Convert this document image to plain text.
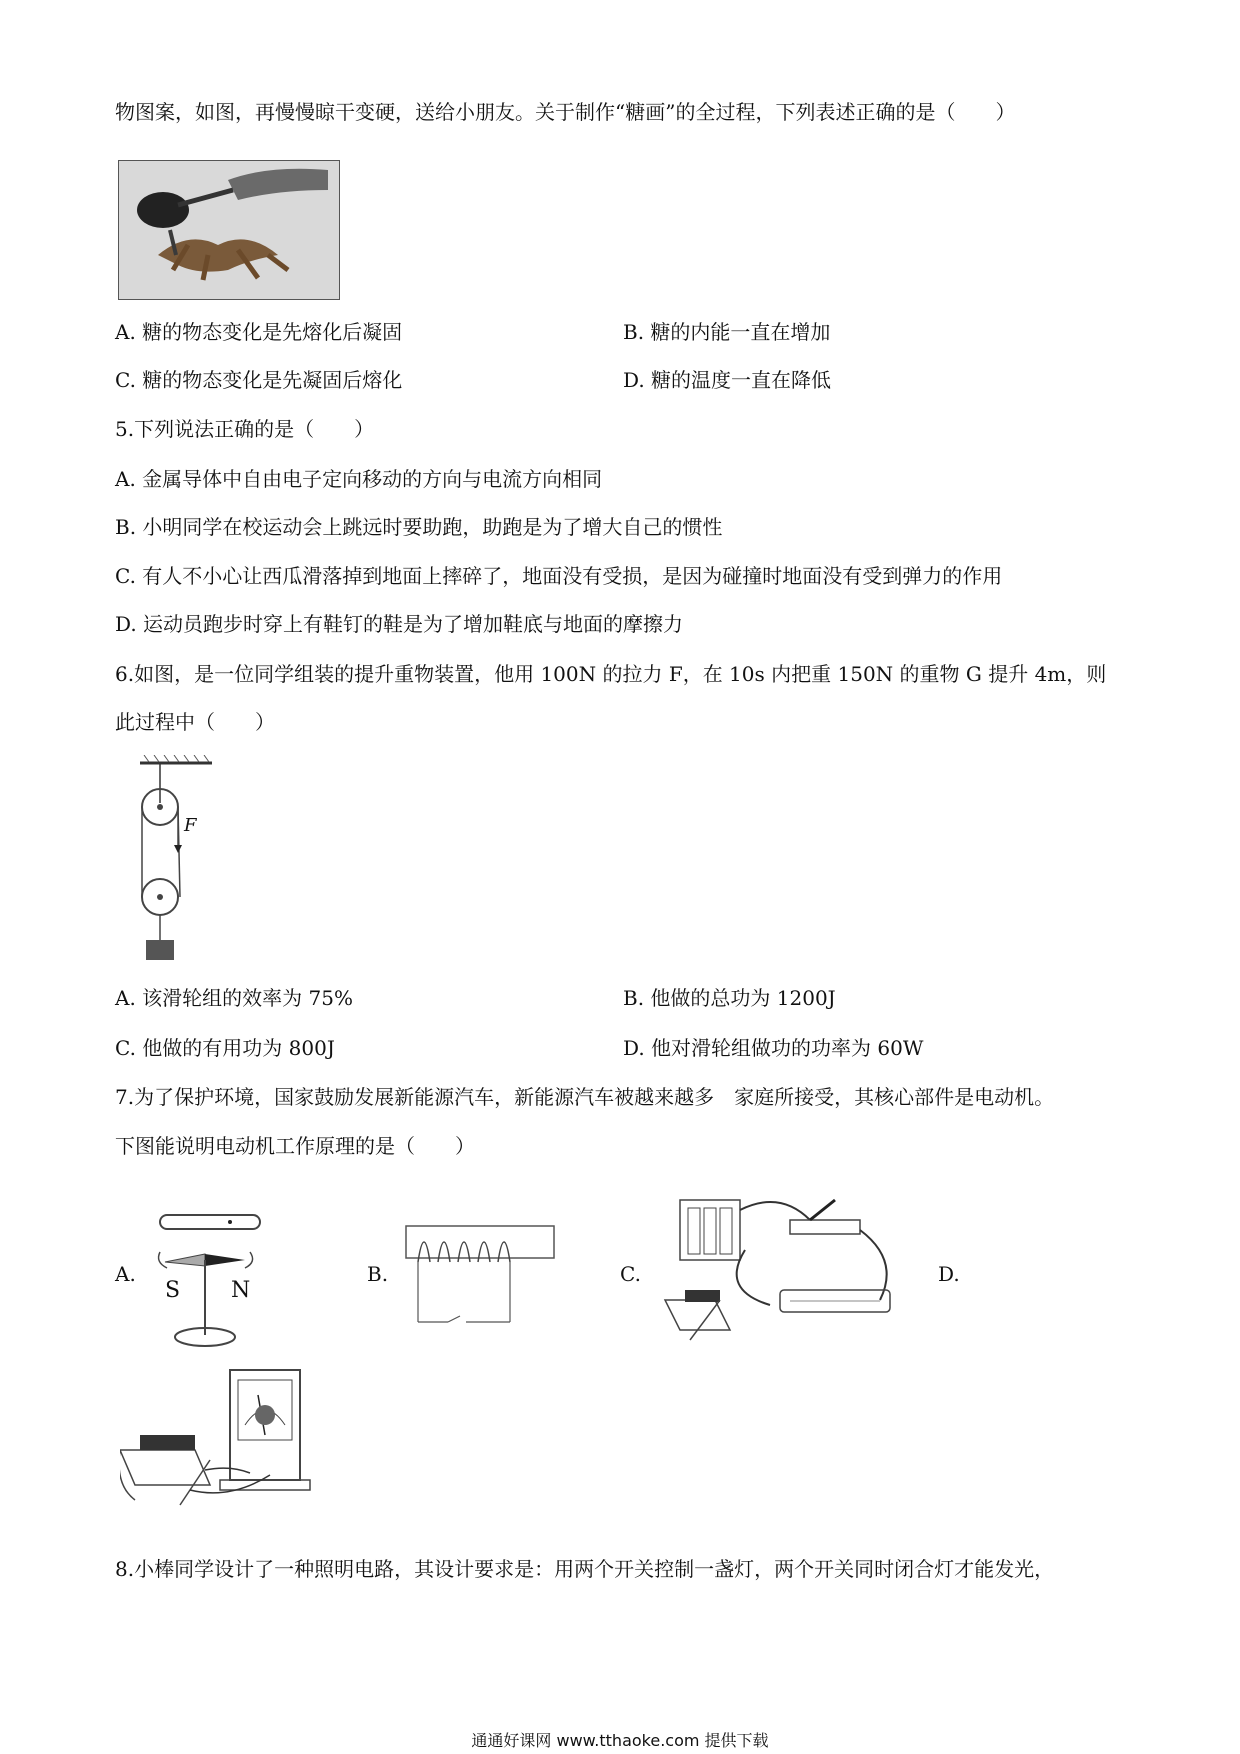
物图案，如图，再慢慢晾干变硬，送给小朋友。关于制作“糖画”的全过程，下列表述正确的是（　　）
A. 糖的物态变化是先熔化后凝固	B. 糖的内能一直在增加
C. 糖的物态变化是先凝固后熔化	D. 糖的温度一直在降低
5.下列说法正确的是（　　）
A. 金属导体中自由电子定向移动的方向与电流方向相同
B. 小明同学在校运动会上跳远时要助跑，助跑是为了增大自己的惯性
C. 有人不小心让西瓜滑落掉到地面上摔碎了，地面没有受损，是因为碰撞时地面没有受到弹力的作用
D. 运动员跑步时穿上有鞋钉的鞋是为了增加鞋底与地面的摩擦力
6.如图，是一位同学组装的提升重物装置，他用 100N 的拉力 F，在 10s 内把重 150N 的重物 G 提升 4m，则
此过程中（　　）
F
A. 该滑轮组的效率为 75%	B. 他做的总功为 1200J
C. 他做的有用功为 800J	D. 他对滑轮组做功的功率为 60W
7.为了保护环境，国家鼓励发展新能源汽车，新能源汽车被越来越多　家庭所接受，其核心部件是电动机。
下图能说明电动机工作原理的是（　　）
A.
S N
B.	C.	D.
8.小棒同学设计了一种照明电路，其设计要求是：用两个开关控制一盏灯，两个开关同时闭合灯才能发光，
通通好课网 www.tthaoke.com 提供下载
